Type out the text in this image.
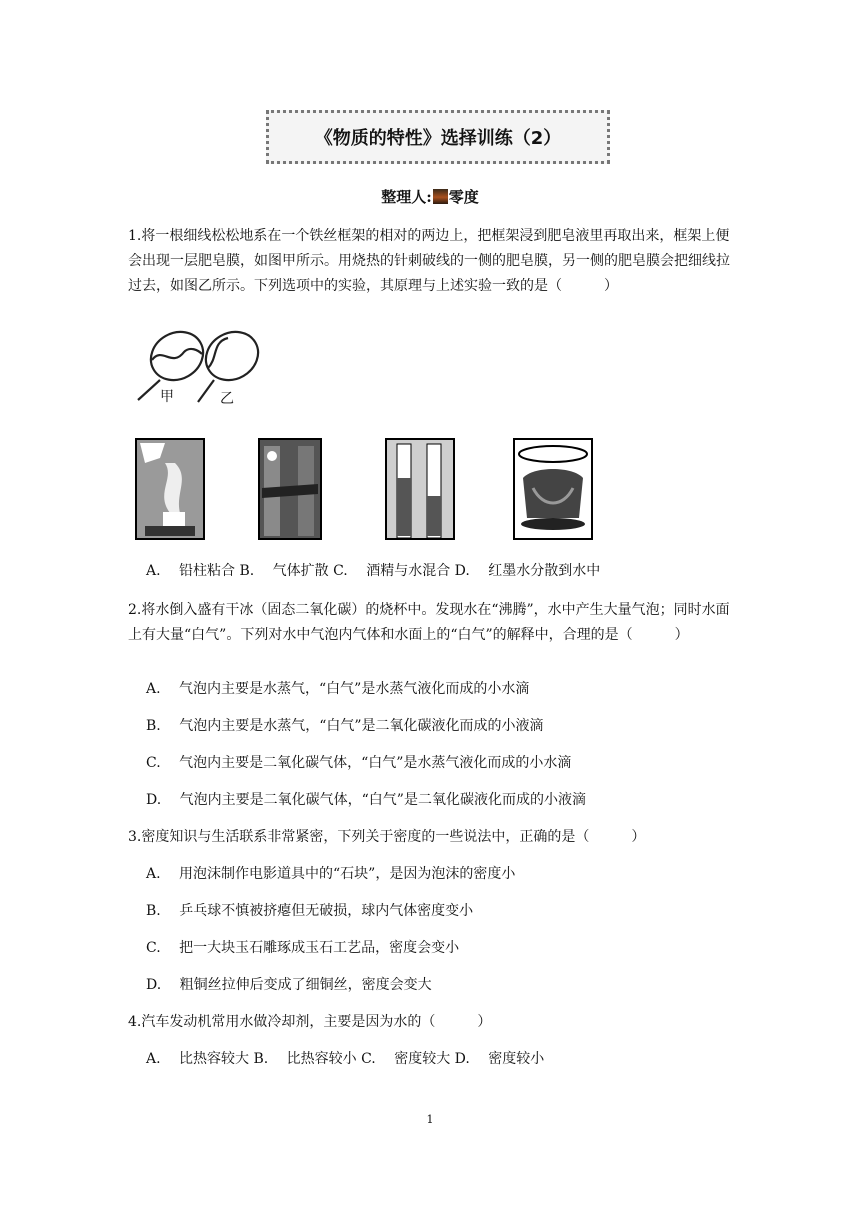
《物质的特性》选择训练（2）
整理人: 零度
1.将一根细线松松地系在一个铁丝框架的相对的两边上，把框架浸到肥皂液里再取出来，框架上便会出现一层肥皂膜，如图甲所示。用烧热的针刺破线的一侧的肥皂膜，另一侧的肥皂膜会把细线拉过去，如图乙所示。下列选项中的实验，其原理与上述实验一致的是（　　　）
甲	乙
A.　 铅柱粘合 B.　 气体扩散 C.　 酒精与水混合 D.　 红墨水分散到水中
2.将水倒入盛有干冰（固态二氧化碳）的烧杯中。发现水在“沸腾”，水中产生大量气泡；同时水面上有大量“白气”。下列对水中气泡内气体和水面上的“白气”的解释中，合理的是（　　　）
A.　 气泡内主要是水蒸气，“白气”是水蒸气液化而成的小水滴
B.　 气泡内主要是水蒸气，“白气”是二氧化碳液化而成的小液滴
C.　 气泡内主要是二氧化碳气体，“白气”是水蒸气液化而成的小水滴
D.　 气泡内主要是二氧化碳气体，“白气”是二氧化碳液化而成的小液滴
3.密度知识与生活联系非常紧密，下列关于密度的一些说法中，正确的是（　　　）
A.　 用泡沫制作电影道具中的“石块”，是因为泡沫的密度小
B.　 乒乓球不慎被挤瘪但无破损，球内气体密度变小
C.　 把一大块玉石雕琢成玉石工艺品，密度会变小
D.　 粗铜丝拉伸后变成了细铜丝，密度会变大
4.汽车发动机常用水做冷却剂，主要是因为水的（　　　）
A.　 比热容较大 B.　 比热容较小 C.　 密度较大 D.　 密度较小
1
